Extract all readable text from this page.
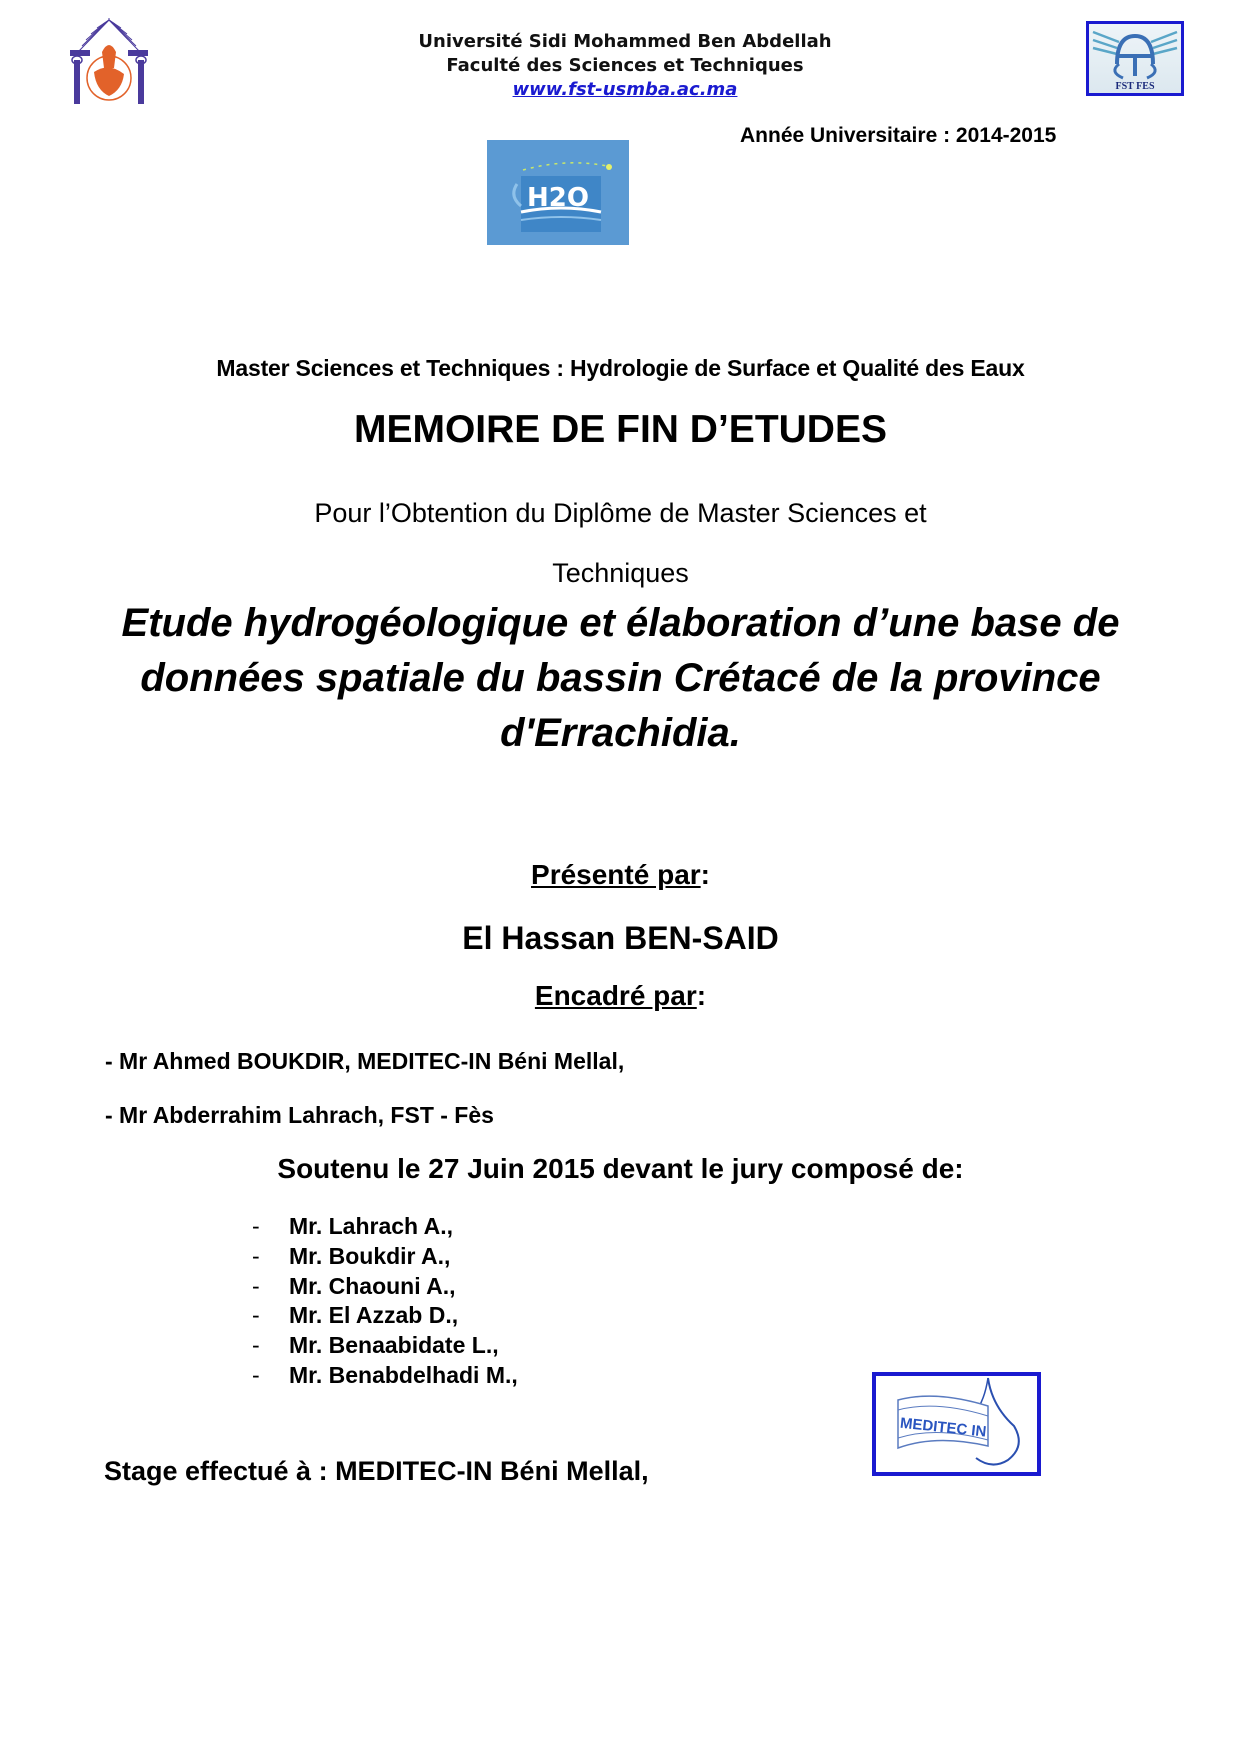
Université Sidi Mohammed Ben Abdellah
Faculté des Sciences et Techniques
www.fst-usmba.ac.ma	FST FES
Année Universitaire : 2014-2015
H2O
Master Sciences et Techniques : Hydrologie de Surface et Qualité des Eaux
MEMOIRE DE FIN D’ETUDES
Pour l’Obtention du Diplôme de Master Sciences et
Techniques
Etude hydrogéologique et élaboration d’une base de données spatiale du bassin Crétacé de la province d'Errachidia.
Présenté par:
El Hassan BEN-SAID
Encadré par:
- Mr Ahmed BOUKDIR, MEDITEC-IN Béni Mellal,
- Mr Abderrahim Lahrach, FST - Fès
Soutenu le 27 Juin 2015 devant le jury composé de:
-	Mr. Lahrach A.,
-	Mr. Boukdir A.,
-	Mr. Chaouni A.,
-	Mr. El Azzab D.,
-	Mr. Benaabidate L.,
-	Mr. Benabdelhadi M.,
MEDITEC IN
Stage effectué à : MEDITEC-IN Béni Mellal,
